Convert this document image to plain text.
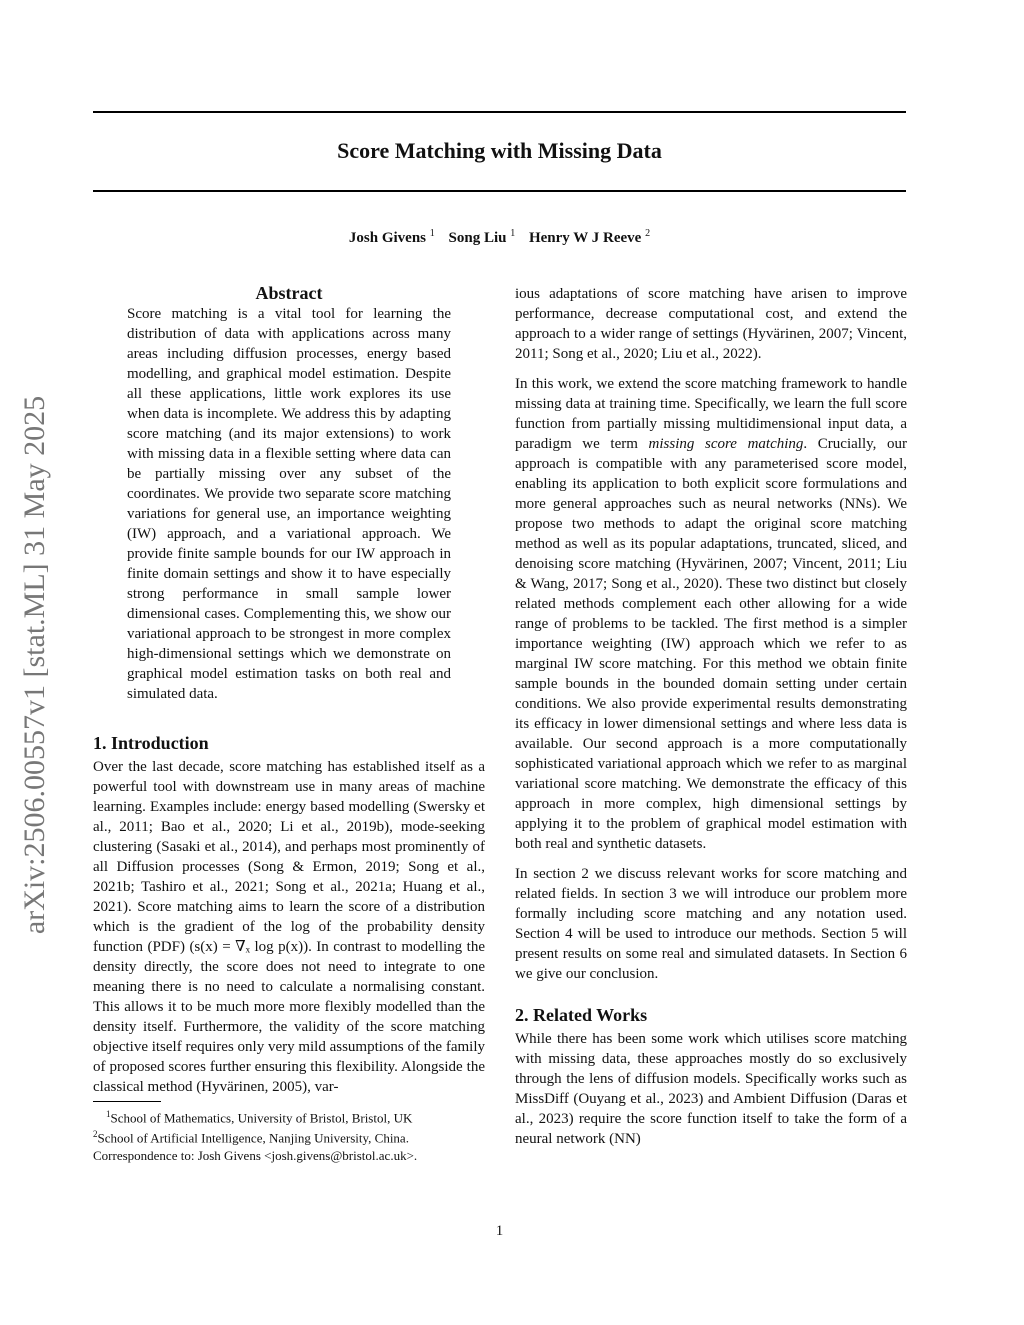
arXiv:2506.00557v1 [stat.ML] 31 May 2025
Score Matching with Missing Data
Josh Givens $^1$ Song Liu $^1$ Henry W J Reeve $^2$
Abstract

Score matching is a vital tool for learning the distribution of data with applications across many areas including diffusion processes, energy based modelling, and graphical model estimation. Despite all these applications, little work explores its use when data is incomplete. We address this by adapting score matching (and its major extensions) to work with missing data in a flexible setting where data can be partially missing over any subset of the coordinates. We provide two separate score matching variations for general use, an importance weighting (IW) approach, and a variational approach. We provide finite sample bounds for our IW approach in finite domain settings and show it to have especially strong performance in small sample lower dimensional cases. Complementing this, we show our variational approach to be strongest in more complex high-dimensional settings which we demonstrate on graphical model estimation tasks on both real and simulated data.

1. Introduction

Over the last decade, score matching has established itself as a powerful tool with downstream use in many areas of machine learning. Examples include: energy based modelling (Swersky et al., 2011; Bao et al., 2020; Li et al., 2019b), mode-seeking clustering (Sasaki et al., 2014), and perhaps most prominently of all Diffusion processes (Song & Ermon, 2019; Song et al., 2021b; Tashiro et al., 2021; Song et al., 2021a; Huang et al., 2021). Score matching aims to learn the score of a distribution which is the gradient of the log of the probability density function (PDF) (s(x) = ∇ₓ log p(x)). In contrast to modelling the density directly, the score does not need to integrate to one meaning there is no need to calculate a normalising constant. This allows it to be much more more flexibly modelled than the density itself. Furthermore, the validity of the score matching objective itself requires only very mild assumptions of the family of proposed scores further ensuring this flexibility. Alongside the classical method (Hyvärinen, 2005), var-

$^1$School of Mathematics, University of Bristol, Bristol, UK
$^2$School of Artificial Intelligence, Nanjing University, China.
Correspondence to: Josh Givens <josh.givens@bristol.ac.uk>.

ious adaptations of score matching have arisen to improve performance, decrease computational cost, and extend the approach to a wider range of settings (Hyvärinen, 2007; Vincent, 2011; Song et al., 2020; Liu et al., 2022).

In this work, we extend the score matching framework to handle missing data at training time. Specifically, we learn the full score function from partially missing multidimensional input data, a paradigm we term missing score matching. Crucially, our approach is compatible with any parameterised score model, enabling its application to both explicit score formulations and more general approaches such as neural networks (NNs). We propose two methods to adapt the original score matching method as well as its popular adaptations, truncated, sliced, and denoising score matching (Hyvärinen, 2007; Vincent, 2011; Liu & Wang, 2017; Song et al., 2020). These two distinct but closely related methods complement each other allowing for a wide range of problems to be tackled. The first method is a simpler importance weighting (IW) approach which we refer to as marginal IW score matching. For this method we obtain finite sample bounds in the bounded domain setting under certain conditions. We also provide experimental results demonstrating its efficacy in lower dimensional settings and where less data is available. Our second approach is a more computationally sophisticated variational approach which we refer to as marginal variational score matching. We demonstrate the efficacy of this approach in more complex, high dimensional settings by applying it to the problem of graphical model estimation with both real and synthetic datasets.

In section 2 we discuss relevant works for score matching and related fields. In section 3 we will introduce our problem more formally including score matching and any notation used. Section 4 will be used to introduce our methods. Section 5 will present results on some real and simulated datasets. In Section 6 we give our conclusion.

2. Related Works

While there has been some work which utilises score matching with missing data, these approaches mostly do so exclusively through the lens of diffusion models. Specifically works such as MissDiff (Ouyang et al., 2023) and Ambient Diffusion (Daras et al., 2023) require the score function itself to take the form of a neural network (NN)

1
